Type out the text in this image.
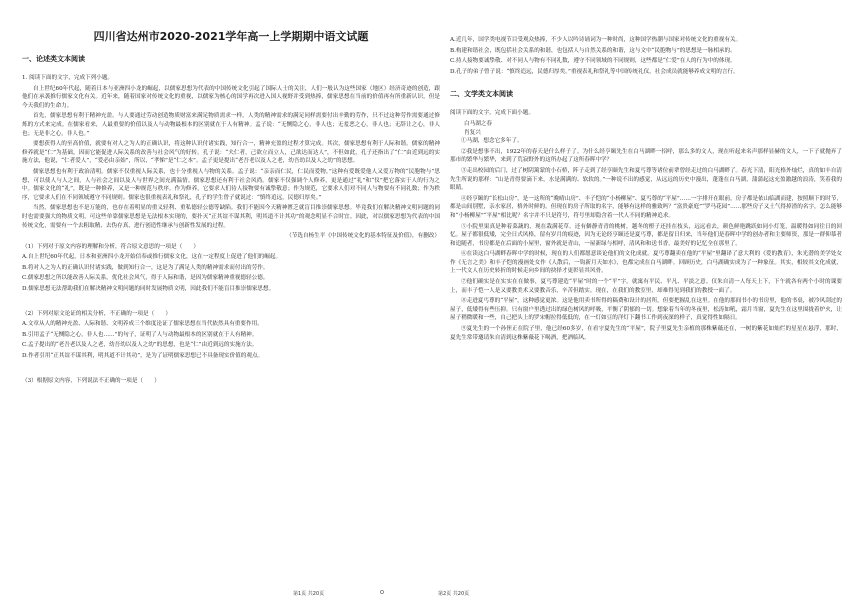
四川省达州市2020-2021学年高一上学期期中语文试题
一、论述类文本阅读
1. 阅读下面的文字，完成下列小题。
自上世纪60年代起，随着日本与亚洲四小龙的崛起，以儒家思想为代表的中国传统文化引起了国际人士的关注，人们一般认为这些国家（地区）经济奇迹的创造，跟他们在承袭推行儒家文化有关。近年来，随着国家对传统文化的重视，以儒家为核心的国学再次进入国人视野并受到热捧，儒家思想在当前的价值再有所重新认识，但是今天我们的生命力。
首先，儒家思想有利于精神充盈。与人要通过劳动创造物质财富来满足物质需求一样，人类的精神需求的满足同样需要付出辛勤的劳作，只不过这种劳作需要通过修炼的方式来完成。在儒家看来，人最重要的价值以及人与动物最根本的区别就在于人有精神。孟子说：“无恻隐之心，非人也；无羞恶之心，非人也；无辞让之心，非人也；无是非之心，非人也。”
要想获得人的至高价值，就要有对人之为人的正确认识，将这种认识付诸实践，知行合一，精神充盈的过程才算完成。其次，儒家思想有利于人际和谐。儒家的精神修养就是“仁”为基础，因而它能促进人际关系的改善与社会风气的好转。孔子说：“夫仁者，己欲立而立人，己欲达而达人”，不但如此，孔子还指出了“仁”由近到远的实施方法，他说，“仁者爱人”，“爱必由亲始”，所以，“孝悌”是“仁之本”。孟子更是提出“老吾老以及人之老，幼吾幼以及人之幼”的思想。
儒家思想也有利于政治清明。儒家不仅重视人际关系，也十分重视人与物的关系。孟子说：“亲亲而仁民，仁民而爱物，”这种有爱既爱他人又爱万物的“民胞物与”思想，可以使人与人之间，人与社会之间以及人与世界之间充满温情。儒家思想还有利于社会风尚。儒家不仅强调个人修养，更是通过“礼”和“仪”把它落实于人的行为之中。儒家文化的“礼”，既是一种修养，又是一种规范与秩序。作为修养，它要求人们待人接物要有诚挚敬意；作为规范，它要求人们对不同人与物要有不同礼数；作为秩序，它要求人们在不同领域遵守不同规则。儒家也很重视表礼和祭礼，孔子的学生曾子就说过：“慎终追远，民德归厚矣。”
当然，儒家思想也不是万能的，也存在着明显的重义轻利、重私德轻公德等缺陷。我们不能因今天精神匮乏就盲目推崇儒家思想。毕竟我们在解决精神文明问题的同时也需要强大的物质文明，可这些单靠儒家思想是无法根本实现的，要扑灭“正其谊不谋其利，明其道不计其功”的观念明显不合时宜。因此，对以儒家思想为代表的中国传统文化，需要有一个去粗取精、去伪存真，进行创造性继承与创新性发展的过程。
（节选自杨生平《中国传统文化的基本特征及价值》，有删改）
（1）下列对于原文内容的理解和分析，符合原文意思的一项是（　　）
A.自上世纪60年代起，日本和亚洲四小龙开始信奉或推行儒家文化，这在一定程度上促进了他们的崛起。
B.将对人之为人的正确认识付诸实践，做到知行合一，这是为了满足人类的精神需求而付出的劳作。
C.儒家思想之所以能改善人际关系，优化社会风气，得于人际和谐，是因为儒家精神重视德轻公德。
D.儒家思想无法帮助我们在解决精神文明问题的同时发展物质文明，因此我们不能盲目推崇儒家思想。
（2）下列对原文论证的相关分析，不正确的一项是（　　）
A.文章从人的精神充盈、人际和谐、文明养成三个维度论证了儒家思想在当代依然具有重要作用。
B.引用孟子“无恻隐之心，非人也……”的句子，证明了人与动物最根本的区别就在于人有精神。
C.孟子提出的“老吾老以及人之老，幼吾幼以及人之幼”的思想，也是“仁”由近到远的实施方法。
D.作者引用“正其谊不谋其利，明其道不计其功”，是为了证明儒家思想已不具备现实价值的观点。
（3）根据原文内容，下列说法不正确的一项是（　　）
A.近几年，国学类电视节目受观众热捧，不少人以吟诗诵词为一种时尚，这种国学热潮与国家对传统文化的重视有关。
B.构建和谐社会，既包括社会关系的和谐，也包括人与自然关系的和谐，这与文中“民胞物与”的思想是一脉相承的。
C.持人接物要诚挚敬、对不同人与物有不同礼数，遵守不同领域的不同规则，这些都是“仁爱”在人的行为中的体现。
D.孔子的弟子曾子说：“慎终追远，民德归厚矣。”重视表礼和祭礼等中国传统礼仪，社会成员就能够养成文明的言行。
二、文学类文本阅读
阅读下面的文字，完成下面小题。
白马湖之春
肖复兴
①马湖，想念它多年了。
②我是想事不出，1922年的春天是什么样子了。为什么经亨颐先生在白马湖畔一招呼，那么多的文人，现在听起来名声那样显赫的文人，一下子就抛弃了那市的繁华与繁华，来到了荒寂野外的这所办起了这所春晖中学？
③走出校园的后门，过了树阴篱蒙的小石桥，阵子走到了经亨颐先生和夏丐尊等诸位前辈曾经走过的白马湖畔了。春光下清，阳光格外灿烂，真的如丰自清先生所说的那样：“山是青得要滴下来，水是满满的、软软的。”一种说不出的感觉，从远远的历史中漫出，蓬蓬在白马湖，蒲蒲起这充盈激越的浪涛，笑着我的眼睛。
④经亨颐的“长松山房”，是一这所的“晚晴山房”、丰子恺的“小杨柳屋”、夏丐尊的“平屋”……一字排开在眼前，房子都是依山临湖而建，按照顺下的时节，都是山间别墅，亲水家居，格外时鲜的。但现在的房子所取的名字，能够有这样的雅致吗？“富贵豪庭”“罗马花园”……那些房子又土气得掉渣的名字，怎么能够和“小杨柳屋”“平屋”相比呢？名字并不只是符号，符号里却隐含着一代人不同的精神追求。
⑤小院里果真是种着菜蔬的，现在栽满花草。还有僻静青青的桃树，越冬的橙子还挂在枝头，远远看去，颜色鲜艳跳跃如同小灯笼，温暖得如同往日的回忆。屋子都很低矮，完全日式风格，留有岁月的痕迹，因为无论经亨颐还是夏丐尊，都是留日归来，当年他们是春晖中学的创办者和主要师资，那是一群仰慕者和追随者，书房都是在后面的小屋里，窗外就是青山，一屋新绿与相呼，清风和和送书香，最美好的记忆全在那里了。
⑥在读这白马湖畔春晖中学的时候，现在的人们都愿意谈论他们的文化成就。夏丐尊翻卖在他的“平屋”里翻译了意大利的《爱的教育》，朱光潜的美学处女作《无言之美》和丰子恺的漫画处女作《人散后，一钩新月天如水》，也都完成在白马湖畔。回顾历史，白马湖确实成为了一种象征。其实，相较其文化成就，上一代文人在历史转折的时候走向乡间的抉择才更彰显其风骨。
⑦他们确实是在实实在在做事，夏丐尊建造“平屋”时的一个“平”字，就寓有平民、平凡、平淡之意。仅朱自清一人每天上下，下午就各有两个小时的课要上，而丰子恺一人是又要教美术又要教音乐，辛苦但踏实。现在，在我们的教室里，却难得见到我们的教授一面了。
⑧走进夏丐尊的“平屋”，这种感觉更浓。这是他用卖书所得的稿费和设计的居所，但要把握乱在这里。在他的那间书小的书房里，他的书桌，被冷风刮过的屋子，低矮得有些压抑。只有窗户里透过出的绿色树风的呼吸，平衡了阴郁的一切。想象着当年的冬夜里，松涛如吼，霜月当窗，夏先生在这里围拢着炉火，让屋子稍微暖和一些，自己把头上的罗宋帽拉得低低的，在一灯如豆的洋灯下翻书工作到夜深的样子，真觉得性如隔日。
⑨夏先生的一个孙侄正在院子里，他已经60多岁，在看守夏先生的“平屋”，院子里夏先生亲植的那株紫薇还在，一树的紫花如灿烂的星星在悬浮，那时，夏先生常带邀请朱自清到这株紫薇花下喝酒，把酒临风。
第1页 共20页	O	第2页 共20页
